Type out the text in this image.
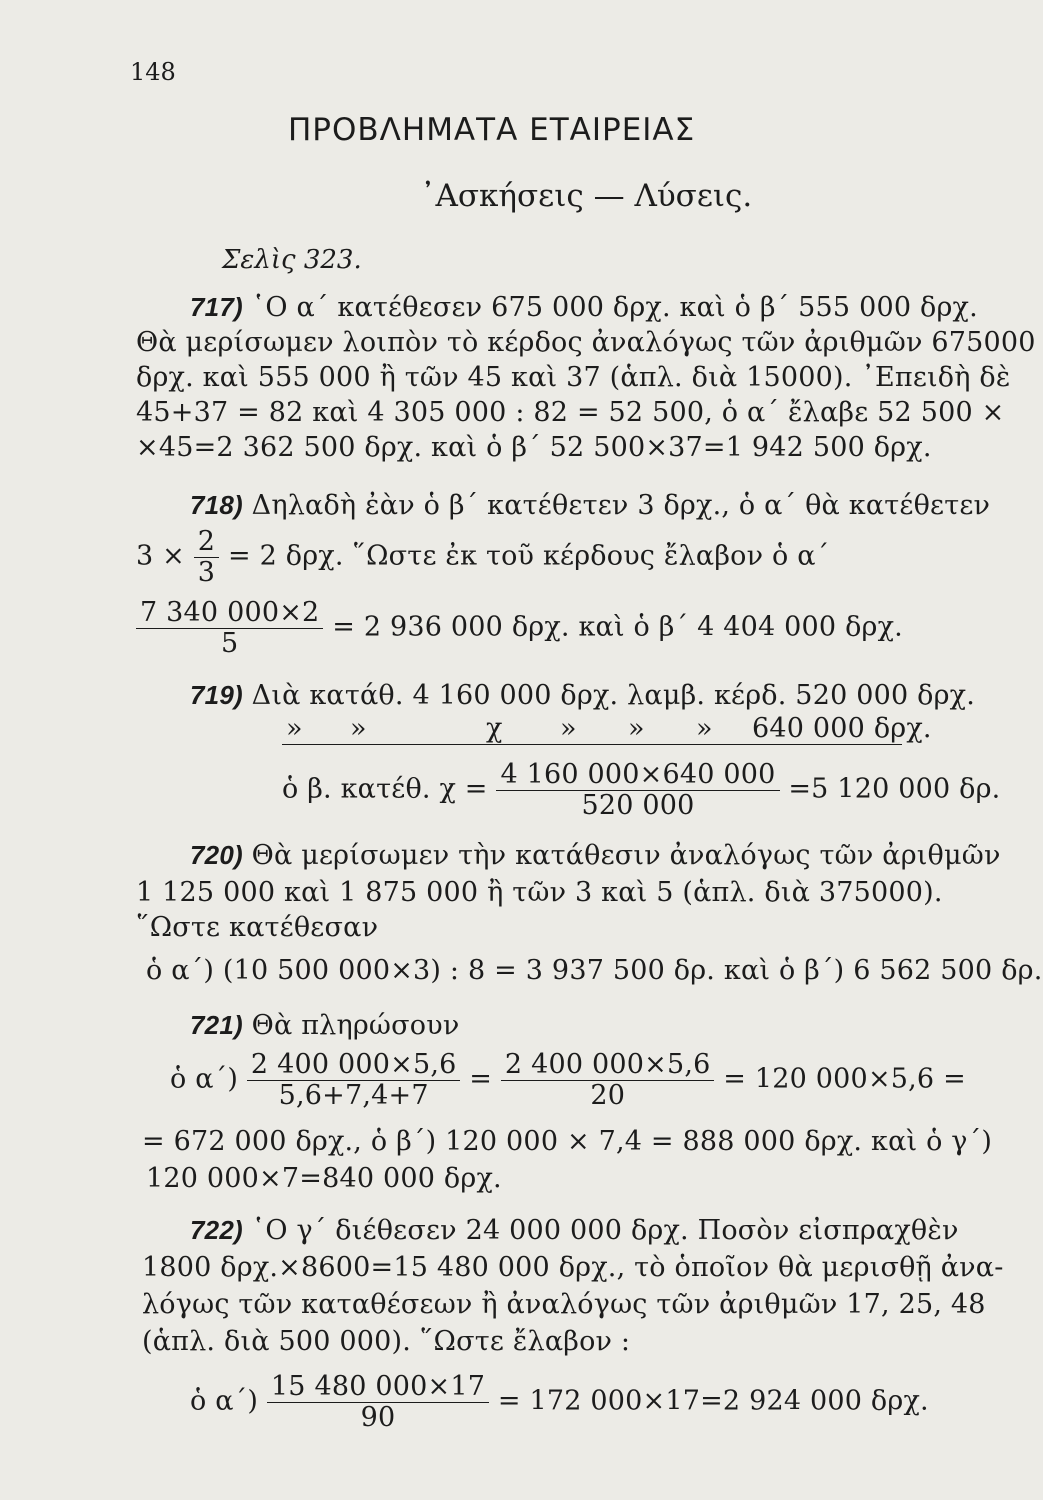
148
ΠΡΟΒΛΗΜΑΤΑ ΕΤΑΙΡΕΙΑΣ
᾿Ασκήσεις — Λύσεις.
Σελὶς 323.
717) ῾Ο α΄ κατέθεσεν 675 000 δρχ. καὶ ὁ β΄ 555 000 δρχ.
Θὰ μερίσωμεν λοιπὸν τὸ κέρδος ἀναλόγως τῶν ἀριθμῶν 675000
δρχ. καὶ 555 000 ἢ τῶν 45 καὶ 37 (ἁπλ. διὰ 15000). ᾿Επειδὴ δὲ
45+37 = 82 καὶ 4 305 000 : 82 = 52 500, ὁ α΄ ἔλαβε 52 500 ×
×45=2 362 500 δρχ. καὶ ὁ β΄ 52 500×37=1 942 500 δρχ.
718) Δηλαδὴ ἐὰν ὁ β΄ κατέθετεν 3 δρχ., ὁ α΄ θὰ κατέθετεν
$3 \times \frac{2}{3} = 2$ δρχ. ῞Ωστε ἐκ τοῦ κέρδους ἔλαβον ὁ α΄
$\frac{7 340 000\times 2}{5} = 2$ 936 000 δρχ. καὶ ὁ β΄ 4 404 000 δρχ.
719) Διὰ κατάθ. 4 160 000 δρχ. λαμβ. κέρδ. 520 000 δρχ.
» »	χ » » » 640 000 δρχ.
ὁ β. κατέθ. $\chi = \frac{4 160 000\times 640 000}{520 000} =5$ 120 000 δρ.
720) Θὰ μερίσωμεν τὴν κατάθεσιν ἀναλόγως τῶν ἀριθμῶν
1 125 000 καὶ 1 875 000 ἢ τῶν 3 καὶ 5 (ἁπλ. διὰ 375000).
῞Ωστε κατέθεσαν
ὁ α΄) (10 500 000×3) : 8 = 3 937 500 δρ. καὶ ὁ β΄) 6 562 500 δρ.
721) Θὰ πληρώσουν
ὁ $\alpha΄) \frac{2 400 000\times 5,6}{5,6+7,4+7} = \frac{2 400 000\times 5,6}{20} = 120$ 000×5,6 =
= 672 000 δρχ., ὁ β΄) 120 000 × 7,4 = 888 000 δρχ. καὶ ὁ γ΄)
120 000×7=840 000 δρχ.
722) ῾Ο γ΄ διέθεσεν 24 000 000 δρχ. Ποσὸν εἰσπραχθὲν
1800 δρχ.×8600=15 480 000 δρχ., τὸ ὁποῖον θὰ μερισθῇ ἀνα-
λόγως τῶν καταθέσεων ἢ ἀναλόγως τῶν ἀριθμῶν 17, 25, 48
(ἁπλ. διὰ 500 000). ῞Ωστε ἔλαβον :
ὁ $\alpha΄) \frac{15 480 000\times 17}{90} = 172$ 000×17=2 924 000 δρχ.
